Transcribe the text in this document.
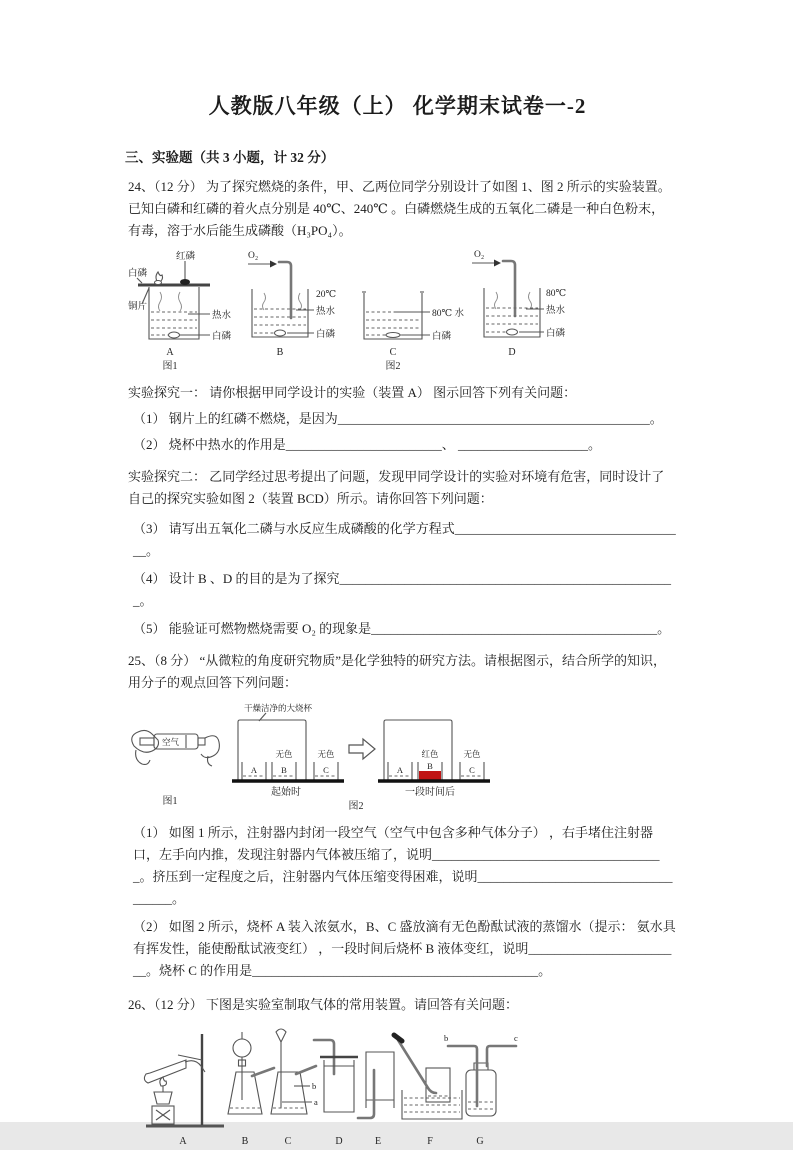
人教版八年级（上） 化学期末试卷一-2
三、实验题（共 3 小题，计 32 分）

24、（12 分） 为了探究燃烧的条件，甲、乙两位同学分别设计了如图 1、图 2 所示的实验装置。已知白磷和红磷的着火点分别是 40℃、240℃ 。白磷燃烧生成的五氧化二磷是一种白色粉末，有毒，溶于水后能生成磷酸（H₃PO₄）。

白磷
红磷
铜片
热水
白磷
A
图1
O₂
20℃
热水
白磷
B
80℃ 水
白磷
C
图2
O₂
80℃
热水
白磷
D

实验探究一： 请你根据甲同学设计的实验（装置 A） 图示回答下列有关问题：

（1） 钢片上的红磷不燃烧，是因为________________________________________________。

（2） 烧杯中热水的作用是________________________、 ____________________。

实验探究二： 乙同学经过思考提出了问题，发现甲同学设计的实验对环境有危害，同时设计了自己的探究实验如图 2（装置 BCD）所示。请你回答下列问题：

（3） 请写出五氧化二磷与水反应生成磷酸的化学方程式____________________________________。

（4） 设计 B 、D 的目的是为了探究____________________________________________________。

（5） 能验证可燃物燃烧需要 O₂ 的现象是____________________________________________。

25、（8 分） “从微粒的角度研究物质”是化学独特的研究方法。请根据图示，结合所学的知识，用分子的观点回答下列问题：

空气
图1
干燥洁净的大烧杯
A	B
无色
C
无色
起始时
A	B
红色
C
无色
一段时间后
图2

（1） 如图 1 所示，注射器内封闭一段空气（空气中包含多种气体分子） ，右手堵住注射器口，左手向内推，发现注射器内气体被压缩了，说明____________________________________。挤压到一定程度之后，注射器内气体压缩变得困难，说明____________________________________。

（2） 如图 2 所示，烧杯 A 装入浓氨水，B、C 盛放滴有无色酚酞试液的蒸馏水（提示： 氨水具有挥发性，能使酚酞试液变红） ，一段时间后烧杯 B 液体变红，说明________________________。烧杯 C 的作用是____________________________________________。

26、（12 分） 下图是实验室制取气体的常用装置。请回答有关问题：

A	B
b
a
C	D	E	F
b	c
G
